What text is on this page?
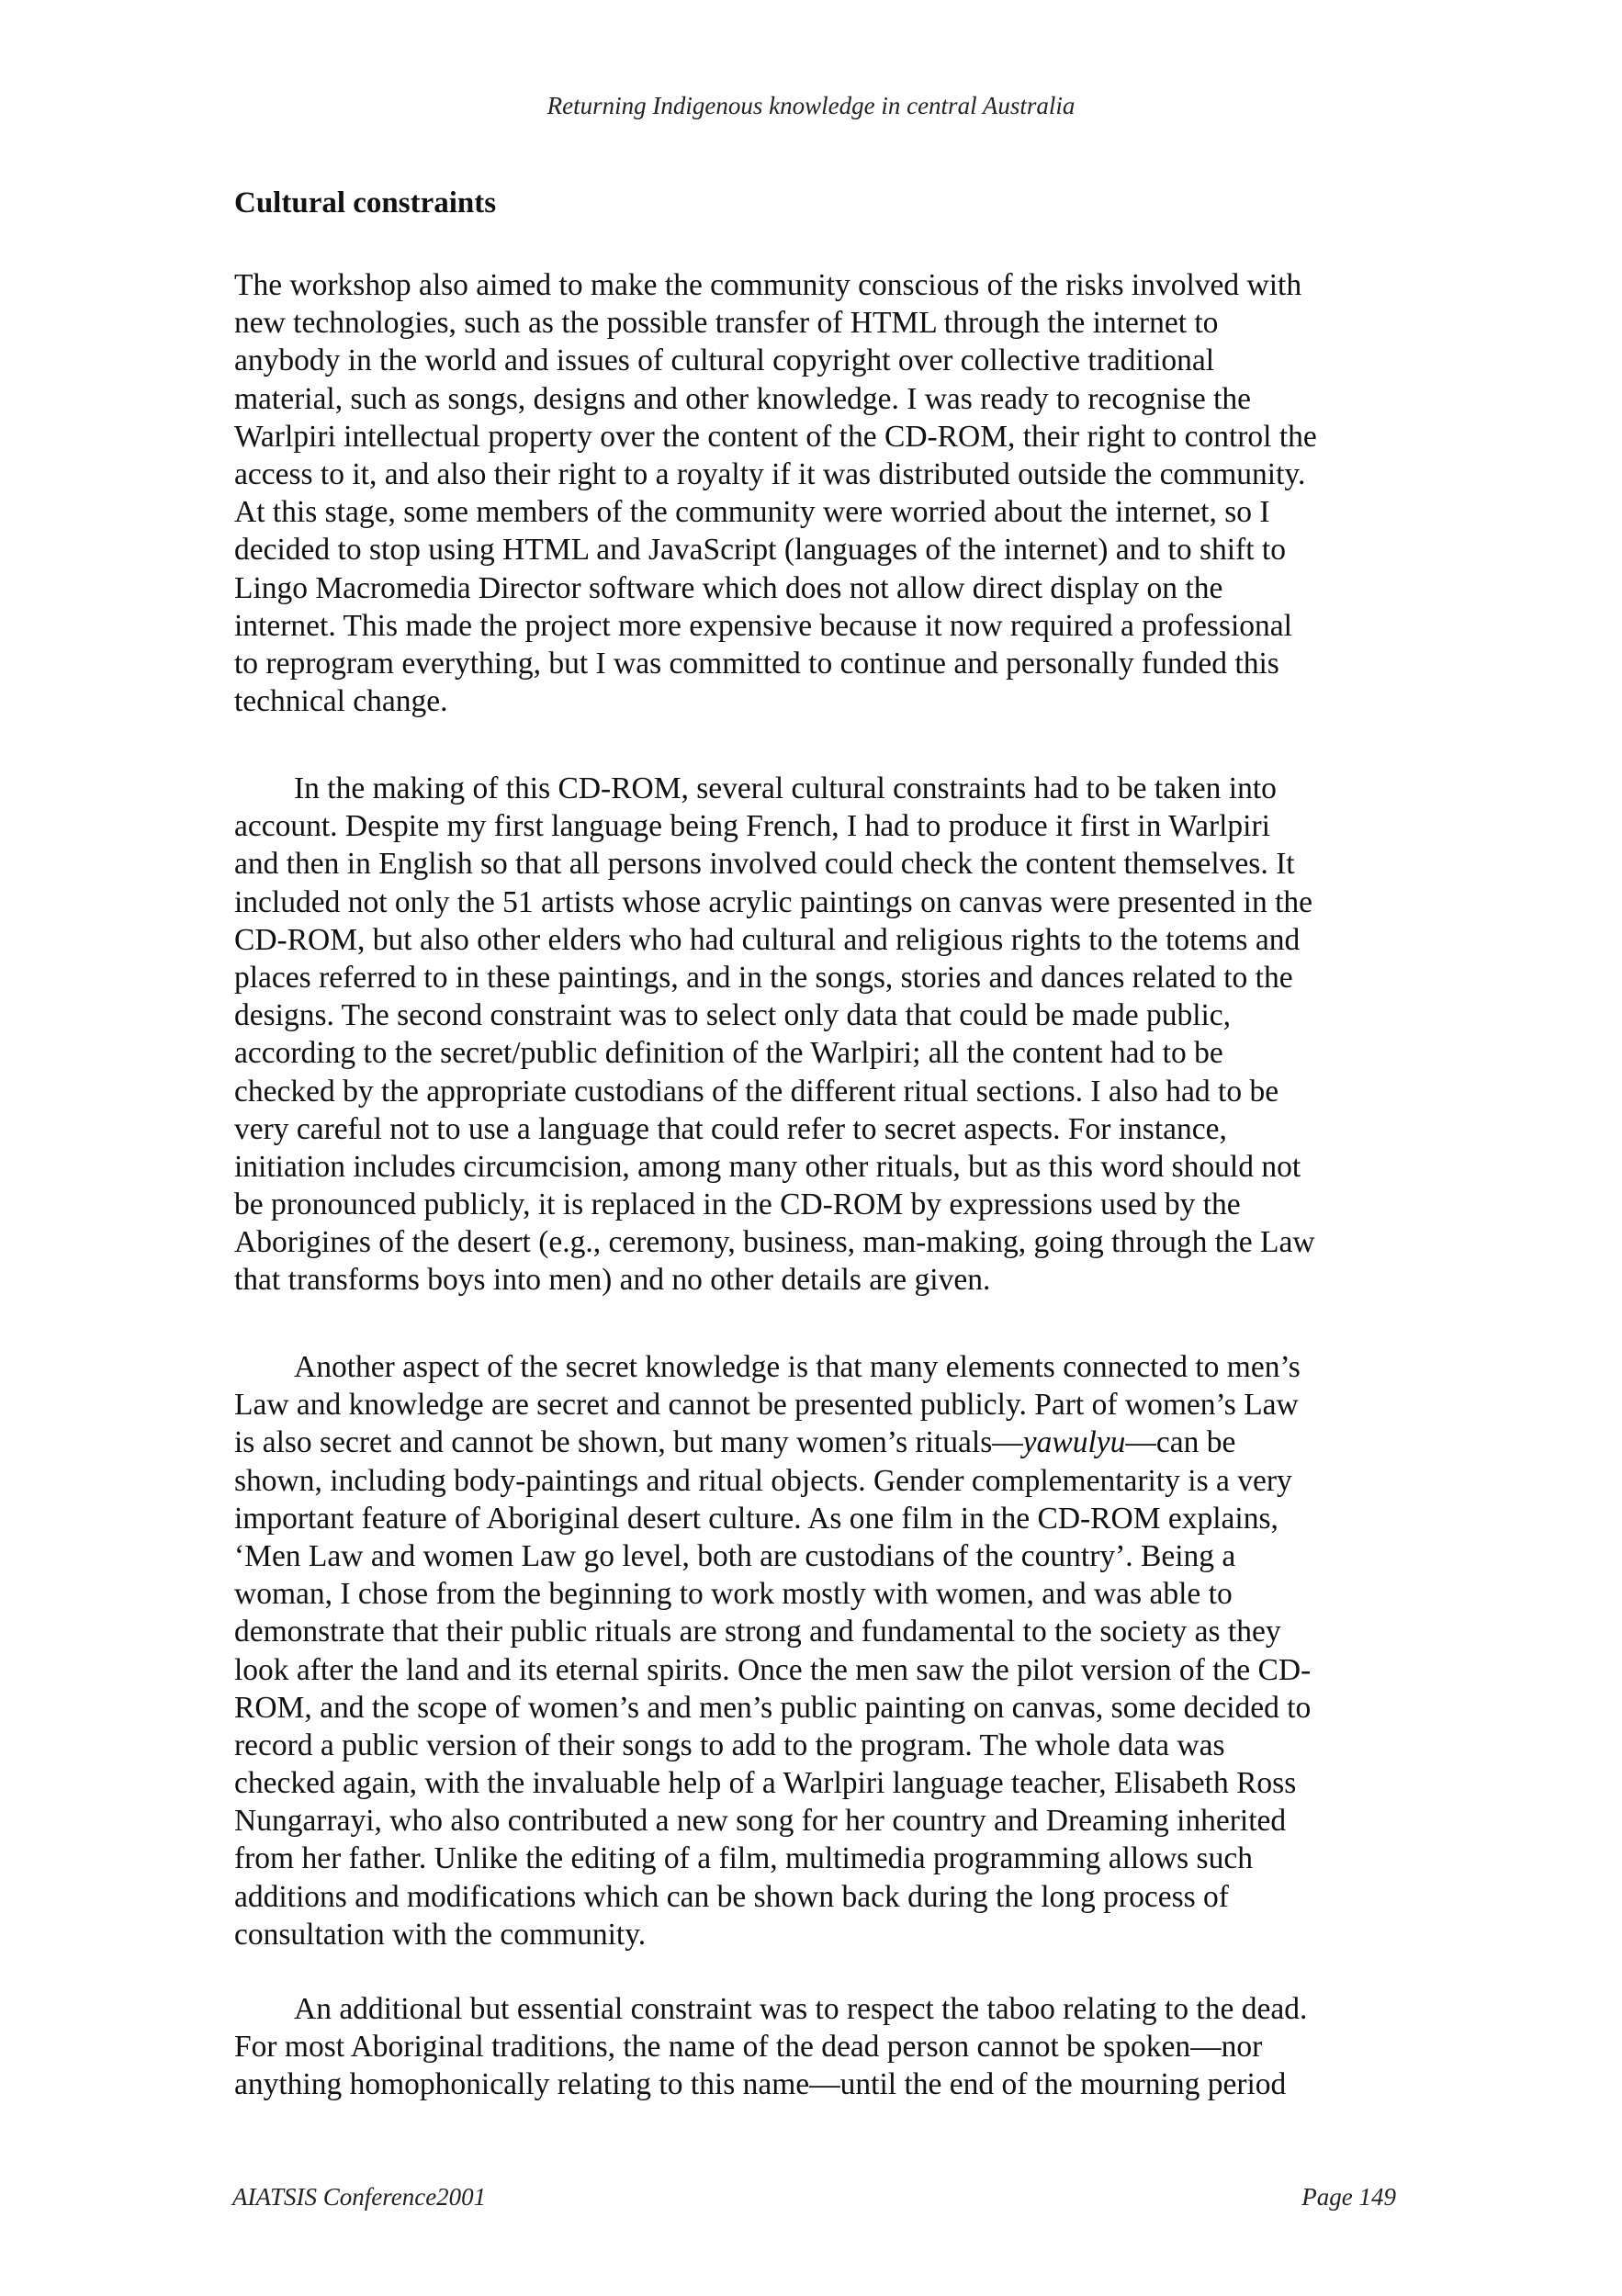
Returning Indigenous knowledge in central Australia
Cultural constraints
The workshop also aimed to make the community conscious of the risks involved with
new technologies, such as the possible transfer of HTML through the internet to
anybody in the world and issues of cultural copyright over collective traditional
material, such as songs, designs and other knowledge. I was ready to recognise the
Warlpiri intellectual property over the content of the CD-ROM, their right to control the
access to it, and also their right to a royalty if it was distributed outside the community.
At this stage, some members of the community were worried about the internet, so I
decided to stop using HTML and JavaScript (languages of the internet) and to shift to
Lingo Macromedia Director software which does not allow direct display on the
internet. This made the project more expensive because it now required a professional
to reprogram everything, but I was committed to continue and personally funded this
technical change.
In the making of this CD-ROM, several cultural constraints had to be taken into
account. Despite my first language being French, I had to produce it first in Warlpiri
and then in English so that all persons involved could check the content themselves. It
included not only the 51 artists whose acrylic paintings on canvas were presented in the
CD-ROM, but also other elders who had cultural and religious rights to the totems and
places referred to in these paintings, and in the songs, stories and dances related to the
designs. The second constraint was to select only data that could be made public,
according to the secret/public definition of the Warlpiri; all the content had to be
checked by the appropriate custodians of the different ritual sections. I also had to be
very careful not to use a language that could refer to secret aspects. For instance,
initiation includes circumcision, among many other rituals, but as this word should not
be pronounced publicly, it is replaced in the CD-ROM by expressions used by the
Aborigines of the desert (e.g., ceremony, business, man-making, going through the Law
that transforms boys into men) and no other details are given.
Another aspect of the secret knowledge is that many elements connected to men’s
Law and knowledge are secret and cannot be presented publicly. Part of women’s Law
is also secret and cannot be shown, but many women’s rituals—yawulyu—can be
shown, including body-paintings and ritual objects. Gender complementarity is a very
important feature of Aboriginal desert culture. As one film in the CD-ROM explains,
‘Men Law and women Law go level, both are custodians of the country’. Being a
woman, I chose from the beginning to work mostly with women, and was able to
demonstrate that their public rituals are strong and fundamental to the society as they
look after the land and its eternal spirits. Once the men saw the pilot version of the CD-
ROM, and the scope of women’s and men’s public painting on canvas, some decided to
record a public version of their songs to add to the program. The whole data was
checked again, with the invaluable help of a Warlpiri language teacher, Elisabeth Ross
Nungarrayi, who also contributed a new song for her country and Dreaming inherited
from her father. Unlike the editing of a film, multimedia programming allows such
additions and modifications which can be shown back during the long process of
consultation with the community.
An additional but essential constraint was to respect the taboo relating to the dead.
For most Aboriginal traditions, the name of the dead person cannot be spoken—nor
anything homophonically relating to this name—until the end of the mourning period
AIATSIS Conference2001	Page 149
